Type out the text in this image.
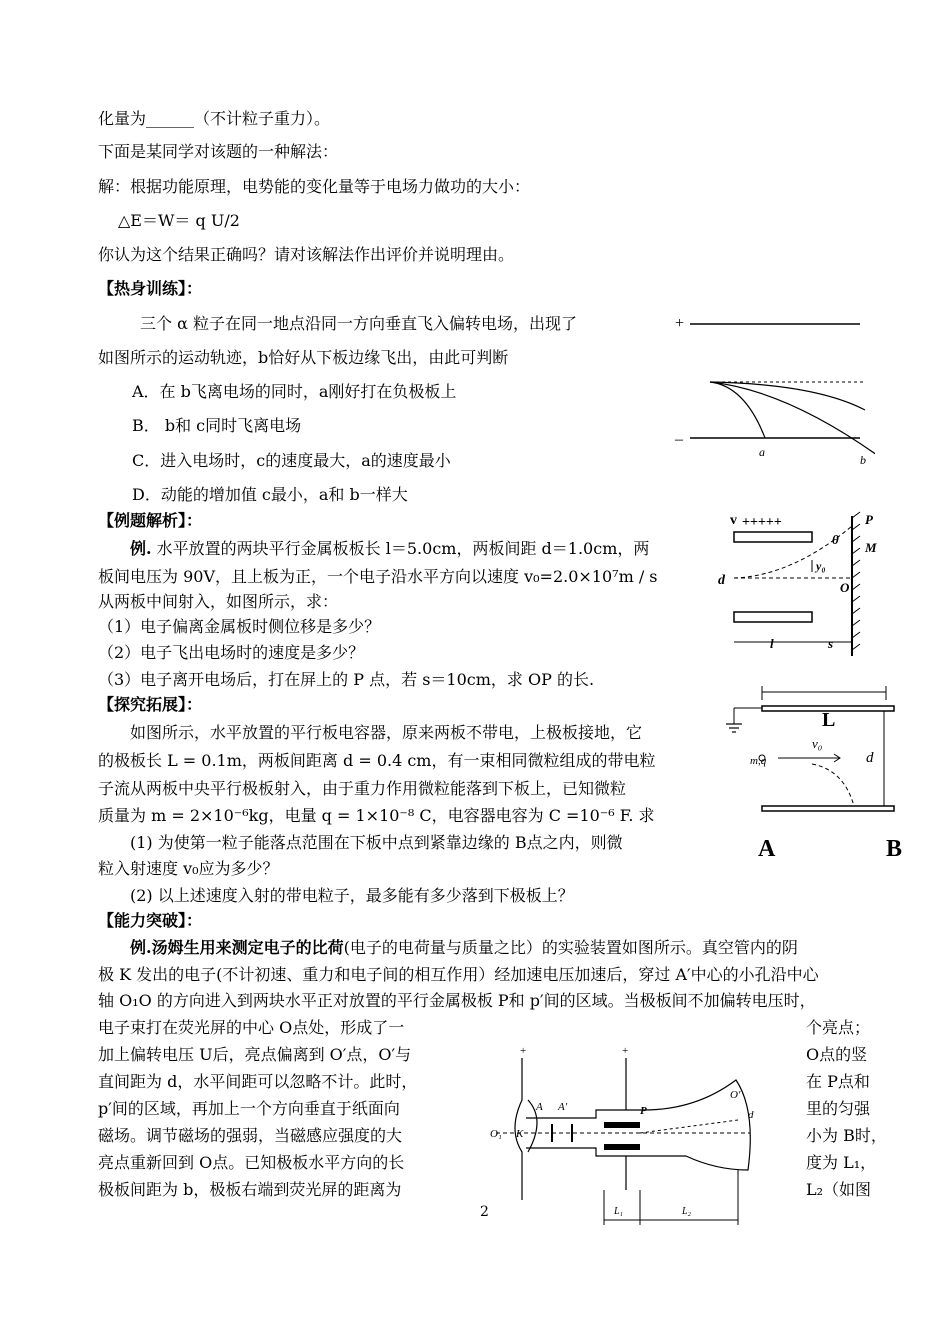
化量为______（不计粒子重力）。
下面是某同学对该题的一种解法：
解：根据功能原理，电势能的变化量等于电场力做功的大小：
△E＝W＝ q U/2
你认为这个结果正确吗？请对该解法作出评价并说明理由。
【热身训练】：
三个 α 粒子在同一地点沿同一方向垂直飞入偏转电场，出现了
如图所示的运动轨迹，b恰好从下板边缘飞出，由此可判断
A．在 b飞离电场的同时，a刚好打在负极板上
B． b和 c同时飞离电场
C．进入电场时，c的速度最大，a的速度最小
D．动能的增加值 c最小，a和 b一样大
+
–
a
b
【例题解析】：
例. 水平放置的两块平行金属板板长 l＝5.0cm，两板间距 d＝1.0cm，两
板间电压为 90V，且上板为正，一个电子沿水平方向以速度 v₀=2.0×10⁷m / s
从两板中间射入，如图所示，求：
（1）电子偏离金属板时侧位移是多少？
（2）电子飞出电场时的速度是多少？
（3）电子离开电场后，打在屏上的 P 点，若 s＝10cm，求 OP 的长.
v +++++	P
M
O
θ
y₀
d
l	s
【探究拓展】：
如图所示，水平放置的平行板电容器，原来两板不带电，上极板接地，它
的极板长 L = 0.1m，两板间距离 d = 0.4 cm，有一束相同微粒组成的带电粒
子流从两板中央平行极板射入，由于重力作用微粒能落到下板上，已知微粒
质量为 m = 2×10⁻⁶kg，电量 q = 1×10⁻⁸ C，电容器电容为 C =10⁻⁶ F. 求
(1) 为使第一粒子能落点范围在下板中点到紧靠边缘的 B点之内，则微
粒入射速度 v₀应为多少？
(2) 以上述速度入射的带电粒子，最多能有多少落到下极板上？
L
m,q
v₀
d
A	B
【能力突破】：
例.汤姆生用来测定电子的比荷(电子的电荷量与质量之比）的实验装置如图所示。真空管内的阴
极 K 发出的电子(不计初速、重力和电子间的相互作用）经加速电压加速后，穿过 A′中心的小孔沿中心
轴 O₁O 的方向进入到两块水平正对放置的平行金属极板 P和 p′间的区域。当极板间不加偏转电压时，
电子束打在荧光屏的中心 O点处，形成了一	个亮点；
加上偏转电压 U后，亮点偏离到 O′点，O′与	O点的竖
直间距为 d，水平间距可以忽略不计。此时，	在 P点和
p′间的区域，再加上一个方向垂直于纸面向	里的匀强
磁场。调节磁场的强弱，当磁感应强度的大	小为 B时，
亮点重新回到 O点。已知极板水平方向的长	度为 L₁，
极板间距为 b，极板右端到荧光屏的距离为	L₂（如图
+	+
A A′	P
O₁ K
O′
d
L₁	L₂
2
